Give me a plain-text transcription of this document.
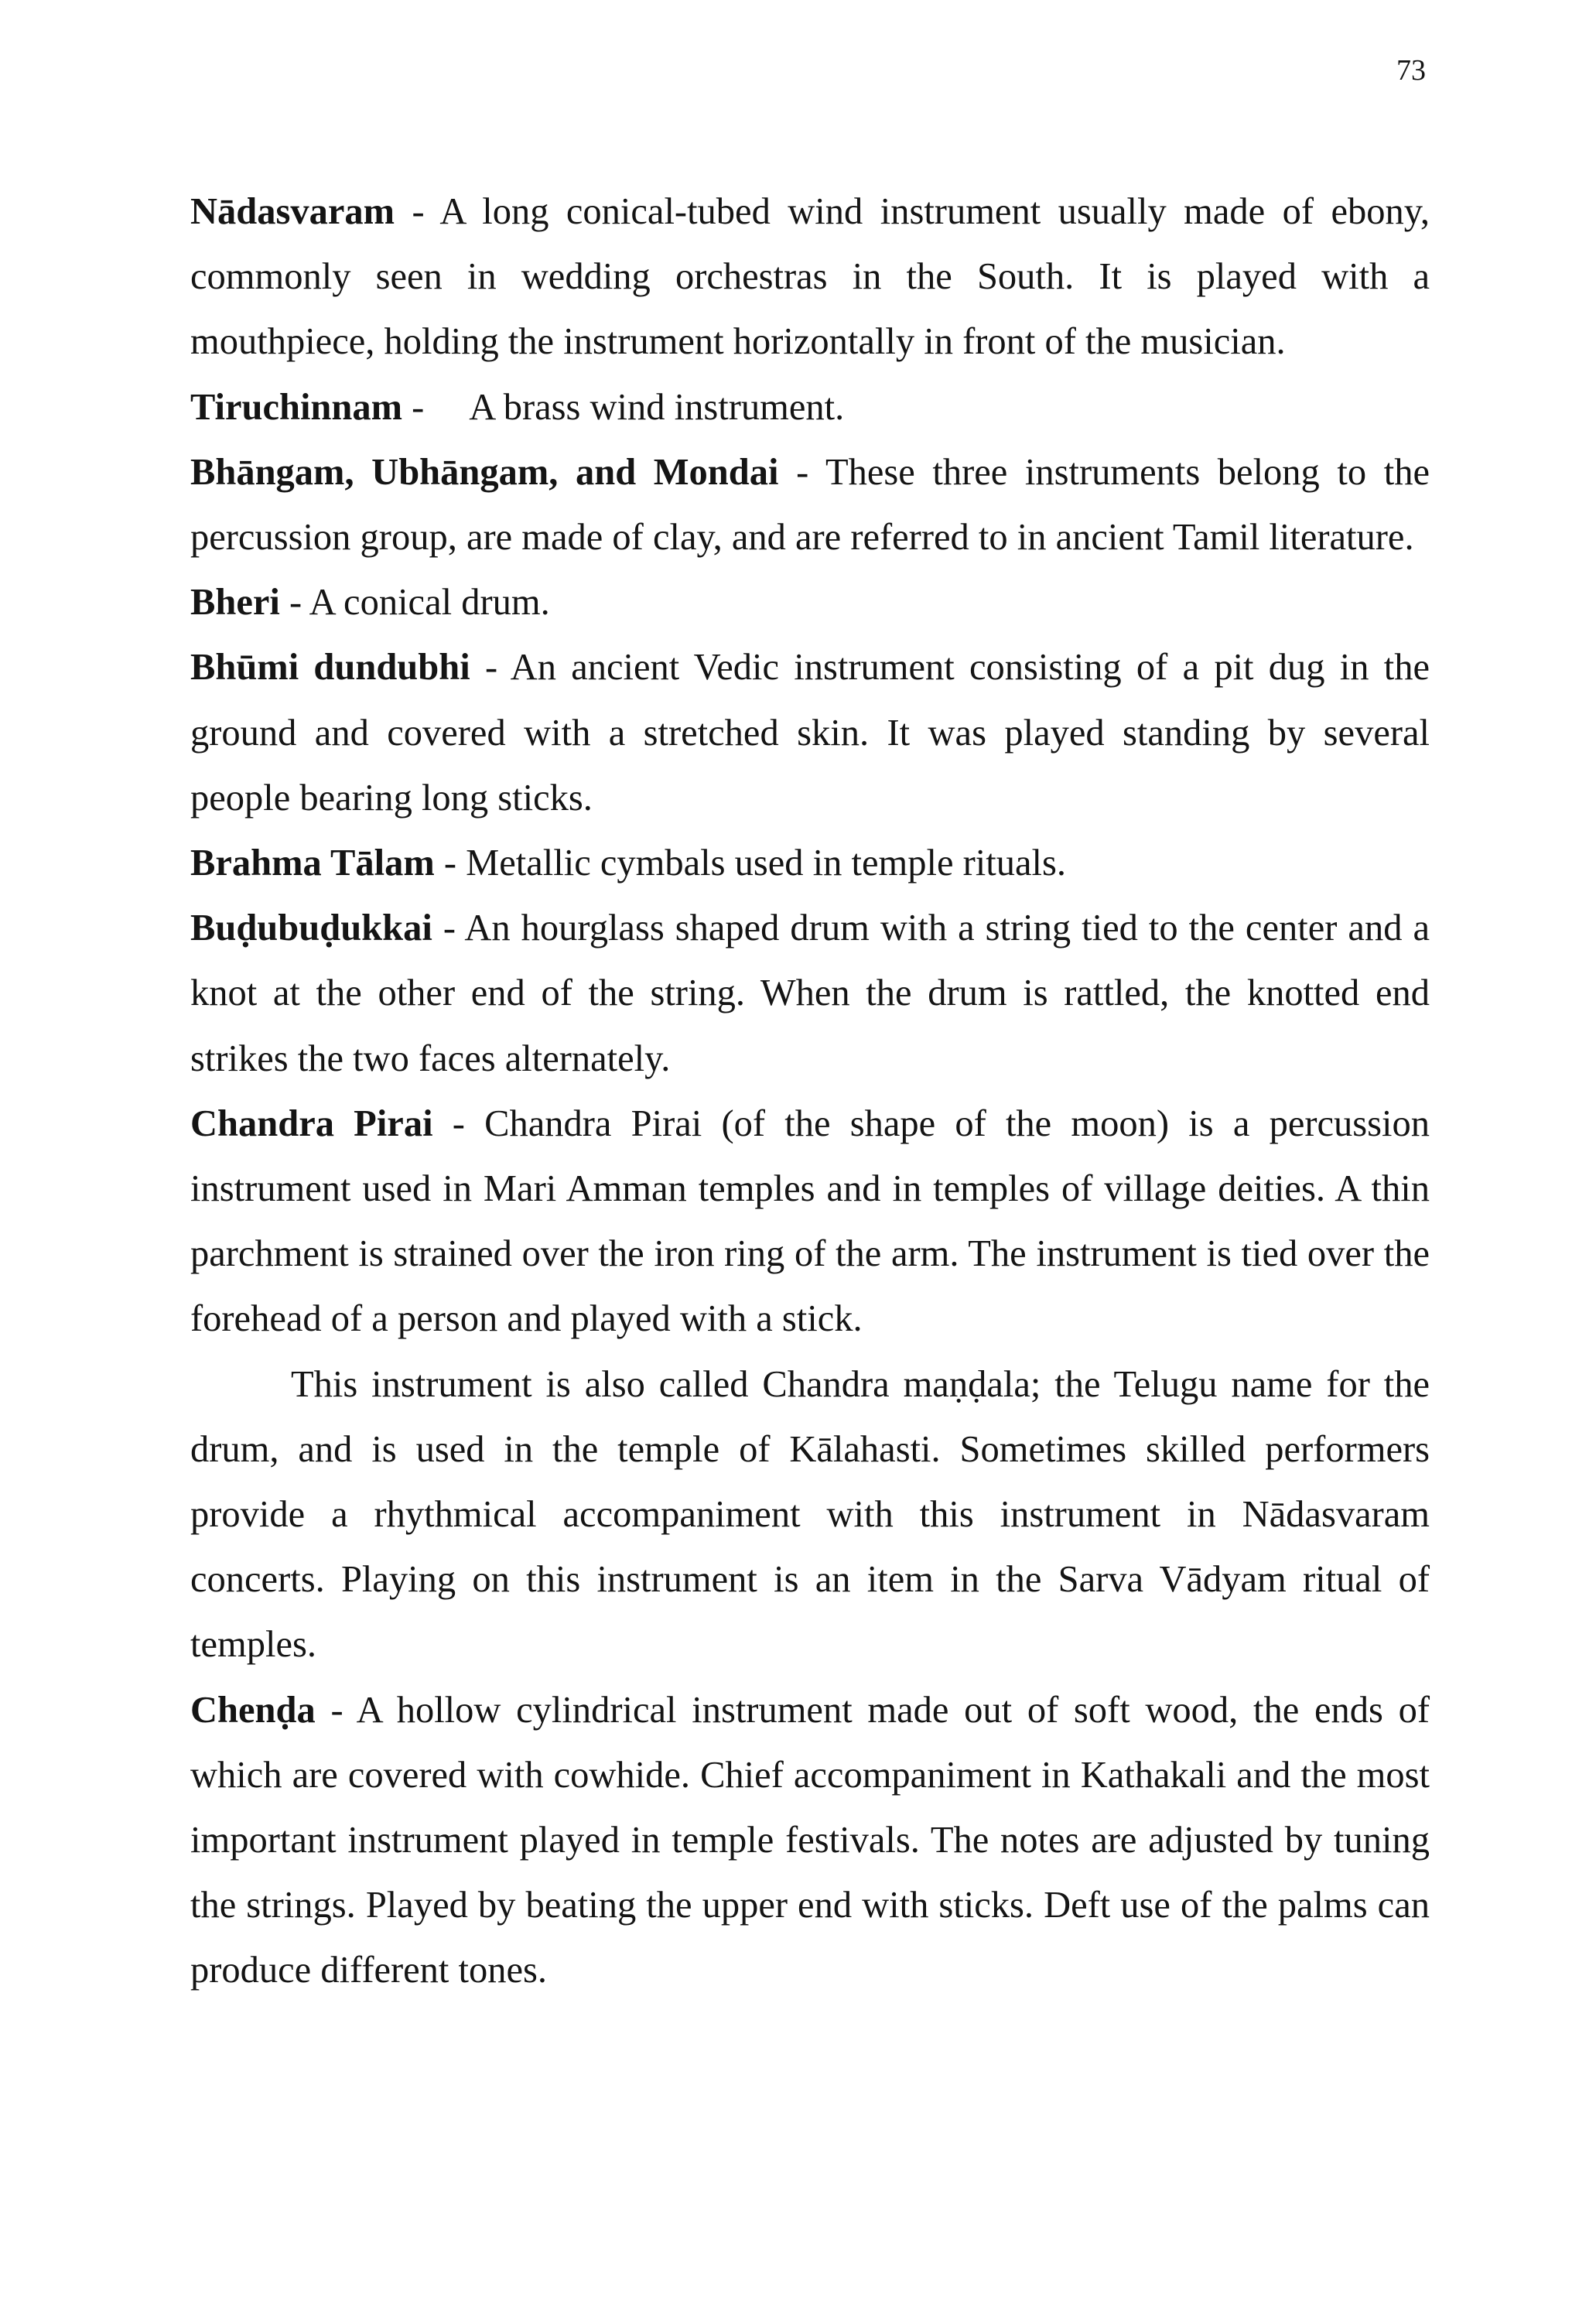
73

Nādasvaram - A long conical-tubed wind instrument usually made of ebony, commonly seen in wedding orchestras in the South. It is played with a mouthpiece, holding the instrument horizontally in front of the musician.

Tiruchinnam -     A brass wind instrument.

Bhāngam, Ubhāngam, and Mondai - These three instruments belong to the percussion group, are made of clay, and are referred to in ancient Tamil literature.

Bheri - A conical drum.

Bhūmi dundubhi - An ancient Vedic instrument consisting of a pit dug in the ground and covered with a stretched skin. It was played standing by several people bearing long sticks.

Brahma Tālam - Metallic cymbals used in temple rituals.

Buḍubuḍukkai - An hourglass shaped drum with a string tied to the center and a knot at the other end of the string. When the drum is rattled, the knotted end strikes the two faces alternately.

Chandra Pirai - Chandra Pirai (of the shape of the moon) is a percussion instrument used in Mari Amman temples and in temples of village deities. A thin parchment is strained over the iron ring of the arm. The instrument is tied over the forehead of a person and played with a stick.

This instrument is also called Chandra maṇḍala; the Telugu name for the drum, and is used in the temple of Kālahasti. Sometimes skilled performers provide a rhythmical accompaniment with this instrument in Nādasvaram concerts. Playing on this instrument is an item in the Sarva Vādyam ritual of temples.

Chenḍa - A hollow cylindrical instrument made out of soft wood, the ends of which are covered with cowhide. Chief accompaniment in Kathakali and the most important instrument played in temple festivals. The notes are adjusted by tuning the strings. Played by beating the upper end with sticks. Deft use of the palms can produce different tones.
